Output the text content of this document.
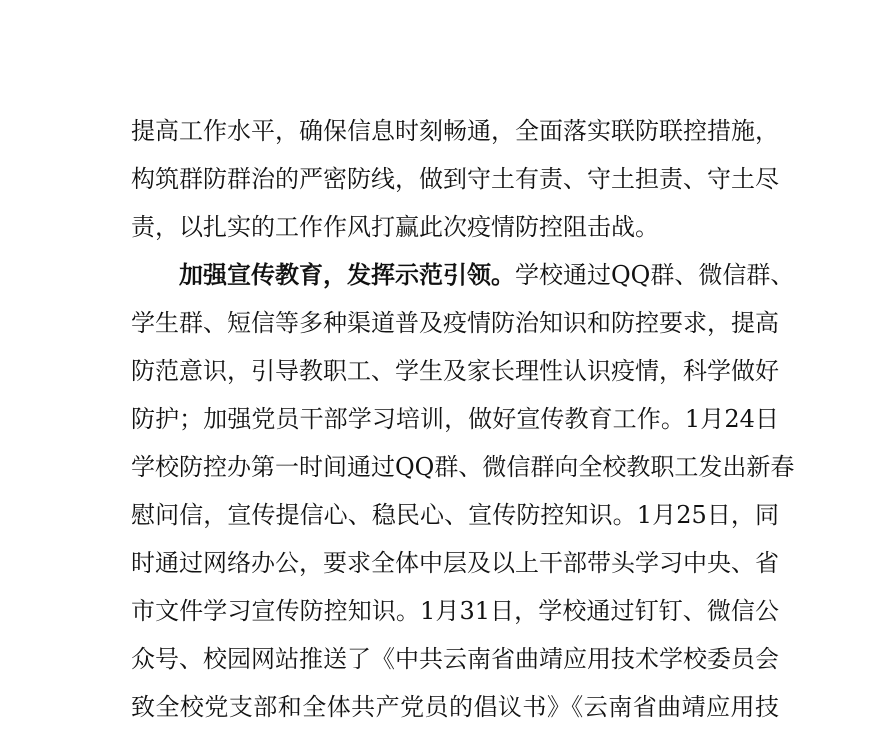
提高工作水平，确保信息时刻畅通，全面落实联防联控措施，
构筑群防群治的严密防线，做到守土有责、守土担责、守土尽
责，以扎实的工作作风打赢此次疫情防控阻击战。
加强宣传教育，发挥示范引领。学校通过QQ群、微信群、
学生群、短信等多种渠道普及疫情防治知识和防控要求，提高
防范意识，引导教职工、学生及家长理性认识疫情，科学做好
防护；加强党员干部学习培训，做好宣传教育工作。1月24日
学校防控办第一时间通过QQ群、微信群向全校教职工发出新春
慰问信，宣传提信心、稳民心、宣传防控知识。1月25日，同
时通过网络办公，要求全体中层及以上干部带头学习中央、省
市文件学习宣传防控知识。1月31日，学校通过钉钉、微信公
众号、校园网站推送了《中共云南省曲靖应用技术学校委员会
致全校党支部和全体共产党员的倡议书》《云南省曲靖应用技
